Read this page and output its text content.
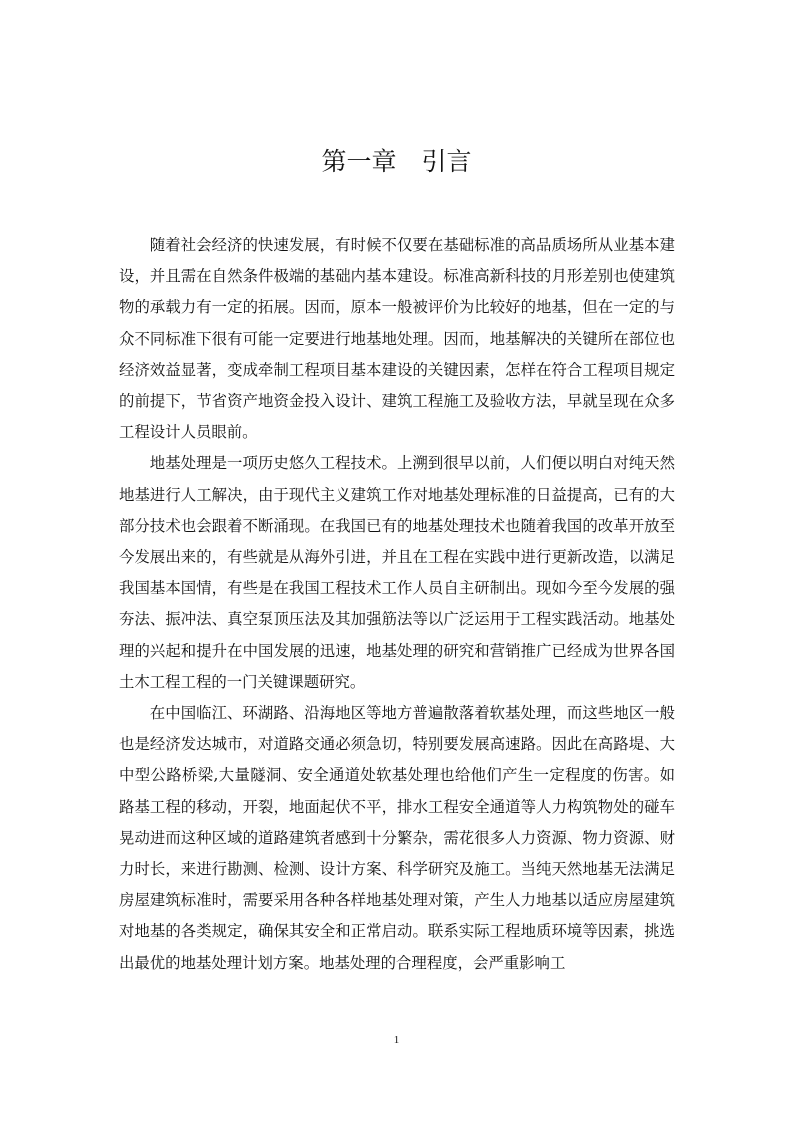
第一章　引言

随着社会经济的快速发展，有时候不仅要在基础标准的高品质场所从业基本建设，并且需在自然条件极端的基础内基本建设。标准高新科技的月形差别也使建筑物的承载力有一定的拓展。因而，原本一般被评价为比较好的地基，但在一定的与众不同标准下很有可能一定要进行地基地处理。因而，地基解决的关键所在部位也经济效益显著，变成牵制工程项目基本建设的关键因素，怎样在符合工程项目规定的前提下，节省资产地资金投入设计、建筑工程施工及验收方法，早就呈现在众多工程设计人员眼前。

地基处理是一项历史悠久工程技术。上溯到很早以前，人们便以明白对纯天然地基进行人工解决，由于现代主义建筑工作对地基处理标准的日益提高，已有的大部分技术也会跟着不断涌现。在我国已有的地基处理技术也随着我国的改革开放至今发展出来的，有些就是从海外引进，并且在工程在实践中进行更新改造，以满足我国基本国情，有些是在我国工程技术工作人员自主研制出。现如今至今发展的强夯法、振冲法、真空泵顶压法及其加强筋法等以广泛运用于工程实践活动。地基处理的兴起和提升在中国发展的迅速，地基处理的研究和营销推广已经成为世界各国土木工程工程的一门关键课题研究。

在中国临江、环湖路、沿海地区等地方普遍散落着软基处理，而这些地区一般也是经济发达城市，对道路交通必须急切，特别要发展高速路。因此在高路堤、大中型公路桥梁,大量隧洞、安全通道处软基处理也给他们产生一定程度的伤害。如路基工程的移动，开裂，地面起伏不平，排水工程安全通道等人力构筑物处的碰车晃动进而这种区域的道路建筑者感到十分繁杂，需花很多人力资源、物力资源、财力时长，来进行勘测、检测、设计方案、科学研究及施工。当纯天然地基无法满足房屋建筑标准时，需要采用各种各样地基处理对策，产生人力地基以适应房屋建筑对地基的各类规定，确保其安全和正常启动。联系实际工程地质环境等因素，挑选出最优的地基处理计划方案。地基处理的合理程度，会严重影响工

1
